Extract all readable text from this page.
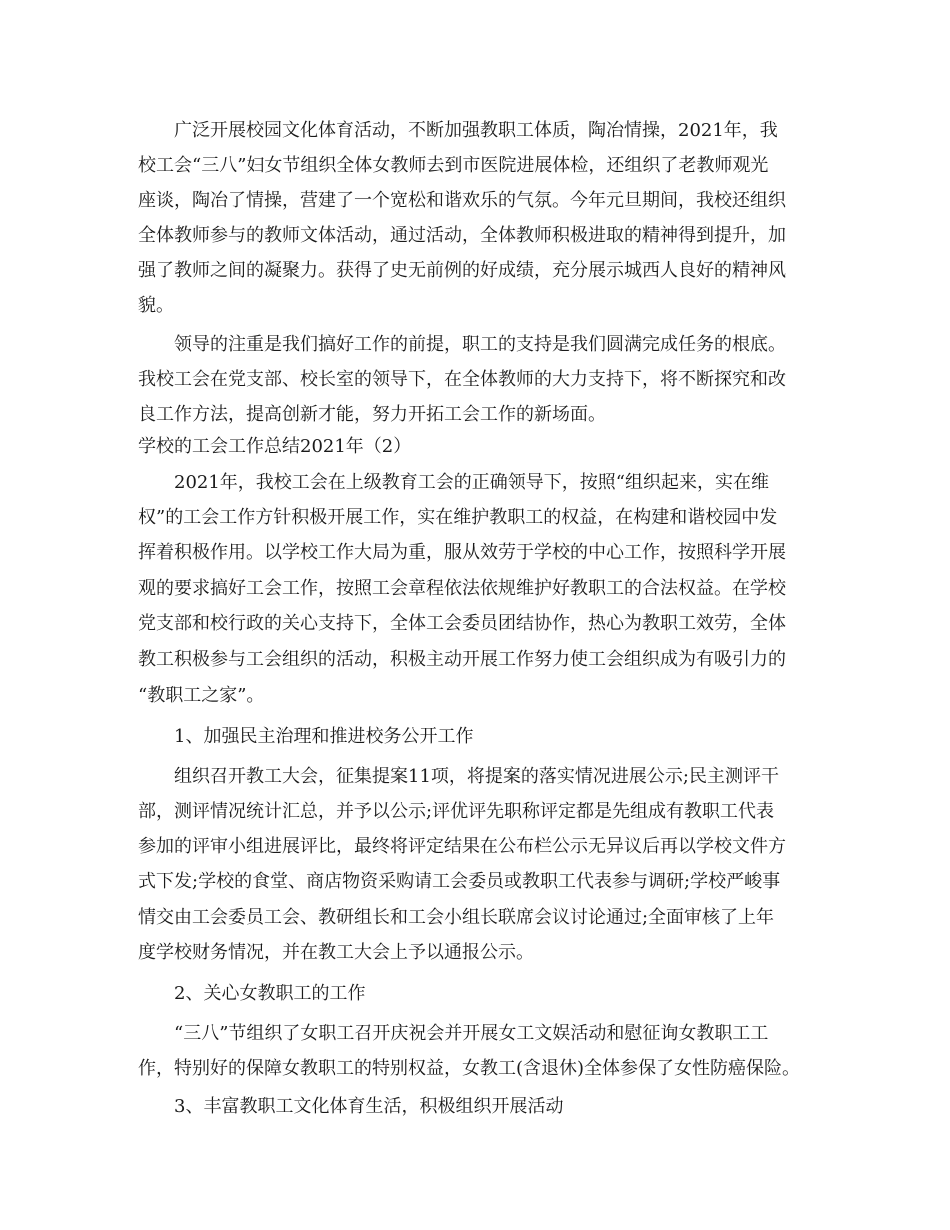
广泛开展校园文化体育活动，不断加强教职工体质，陶冶情操，2021年，我
校工会“三八”妇女节组织全体女教师去到市医院进展体检，还组织了老教师观光
座谈，陶冶了情操，营建了一个宽松和谐欢乐的气氛。今年元旦期间，我校还组织
全体教师参与的教师文体活动，通过活动，全体教师积极进取的精神得到提升，加
强了教师之间的凝聚力。获得了史无前例的好成绩，充分展示城西人良好的精神风
貌。
领导的注重是我们搞好工作的前提，职工的支持是我们圆满完成任务的根底。
我校工会在党支部、校长室的领导下，在全体教师的大力支持下，将不断探究和改
良工作方法，提高创新才能，努力开拓工会工作的新场面。
学校的工会工作总结2021年（2）
2021年，我校工会在上级教育工会的正确领导下，按照“组织起来，实在维
权”的工会工作方针积极开展工作，实在维护教职工的权益，在构建和谐校园中发
挥着积极作用。以学校工作大局为重，服从效劳于学校的中心工作，按照科学开展
观的要求搞好工会工作，按照工会章程依法依规维护好教职工的合法权益。在学校
党支部和校行政的关心支持下，全体工会委员团结协作，热心为教职工效劳，全体
教工积极参与工会组织的活动，积极主动开展工作努力使工会组织成为有吸引力的
“教职工之家”。
1、加强民主治理和推进校务公开工作
组织召开教工大会，征集提案11项，将提案的落实情况进展公示;民主测评干
部，测评情况统计汇总，并予以公示;评优评先职称评定都是先组成有教职工代表
参加的评审小组进展评比，最终将评定结果在公布栏公示无异议后再以学校文件方
式下发;学校的食堂、商店物资采购请工会委员或教职工代表参与调研;学校严峻事
情交由工会委员工会、教研组长和工会小组长联席会议讨论通过;全面审核了上年
度学校财务情况，并在教工大会上予以通报公示。
2、关心女教职工的工作
“三八”节组织了女职工召开庆祝会并开展女工文娱活动和慰征询女教职工工
作，特别好的保障女教职工的特别权益，女教工(含退休)全体参保了女性防癌保险。
3、丰富教职工文化体育生活，积极组织开展活动
